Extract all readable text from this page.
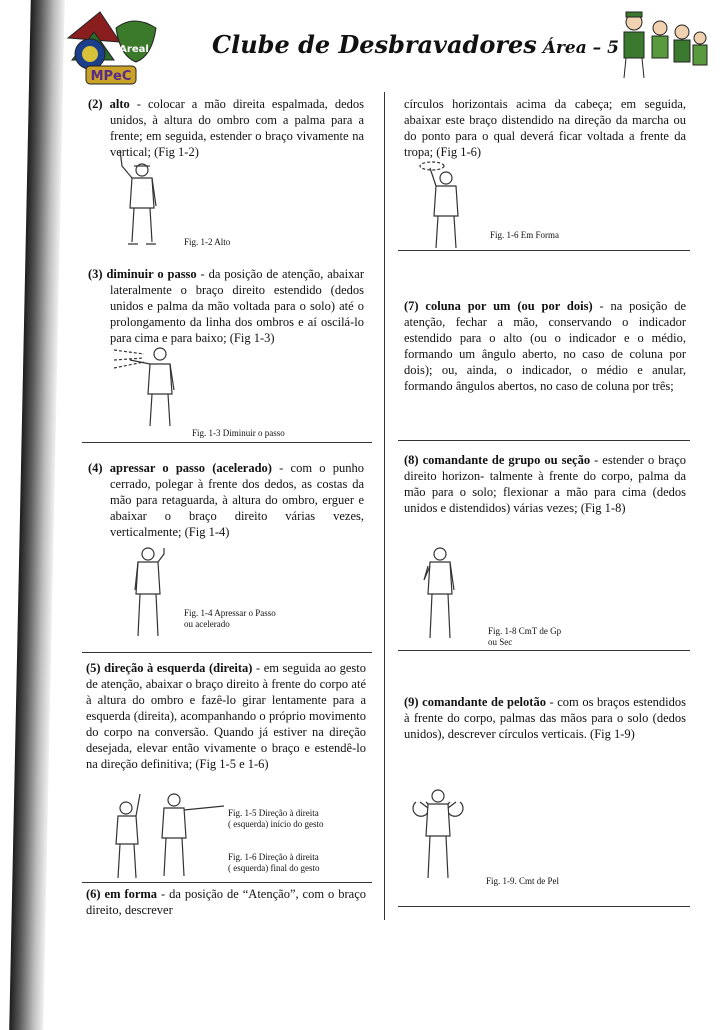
Areal
MPeC
Clube de Desbravadores Área – 5

(2) alto - colocar a mão direita espalmada, dedos unidos, à altura do ombro com a palma para a frente; em seguida, estender o braço vivamente na vertical; (Fig 1-2)

Fig. 1-2 Alto

(3) diminuir o passo - da posição de atenção, abaixar lateralmente o braço direito estendido (dedos unidos e palma da mão voltada para o solo) até o prolongamento da linha dos ombros e aí oscilá-lo para cima e para baixo; (Fig 1-3)

Fig. 1-3 Diminuir o passo

(4) apressar o passo (acelerado) - com o punho cerrado, polegar à frente dos dedos, as costas da mão para retaguarda, à altura do ombro, erguer e abaixar o braço direito várias vezes, verticalmente; (Fig 1-4)

Fig. 1-4 Apressar o Passo
ou acelerado

(5) direção à esquerda (direita) - em seguida ao gesto de atenção, abaixar o braço direito à frente do corpo até à altura do ombro e fazê-lo girar lentamente para a esquerda (direita), acompanhando o próprio movimento do corpo na conversão. Quando já estiver na direção desejada, elevar então vivamente o braço e estendê-lo na direção definitiva; (Fig 1-5 e 1-6)

Fig. 1-5 Direção à direita
( esquerda) início do gesto
Fig. 1-6 Direção à direita
( esquerda) final do gesto

(6) em forma - da posição de “Atenção”, com o braço direito, descrever

círculos horizontais acima da cabeça; em seguida, abaixar este braço distendido na direção da marcha ou do ponto para o qual deverá ficar voltada a frente da tropa; (Fig 1-6)

Fig. 1-6 Em Forma

(7) coluna por um (ou por dois) - na posição de atenção, fechar a mão, conservando o indicador estendido para o alto (ou o indicador e o médio, formando um ângulo aberto, no caso de coluna por dois); ou, ainda, o indicador, o médio e anular, formando ângulos abertos, no caso de coluna por três;

(8) comandante de grupo ou seção - estender o braço direito horizon- talmente à frente do corpo, palma da mão para o solo; flexionar a mão para cima (dedos unidos e distendidos) várias vezes; (Fig 1-8)

Fig. 1-8 CmT de Gp
ou Sec

(9) comandante de pelotão - com os braços estendidos à frente do corpo, palmas das mãos para o solo (dedos unidos), descrever círculos verticais. (Fig 1-9)

Fig. 1-9. Cmt de Pel
